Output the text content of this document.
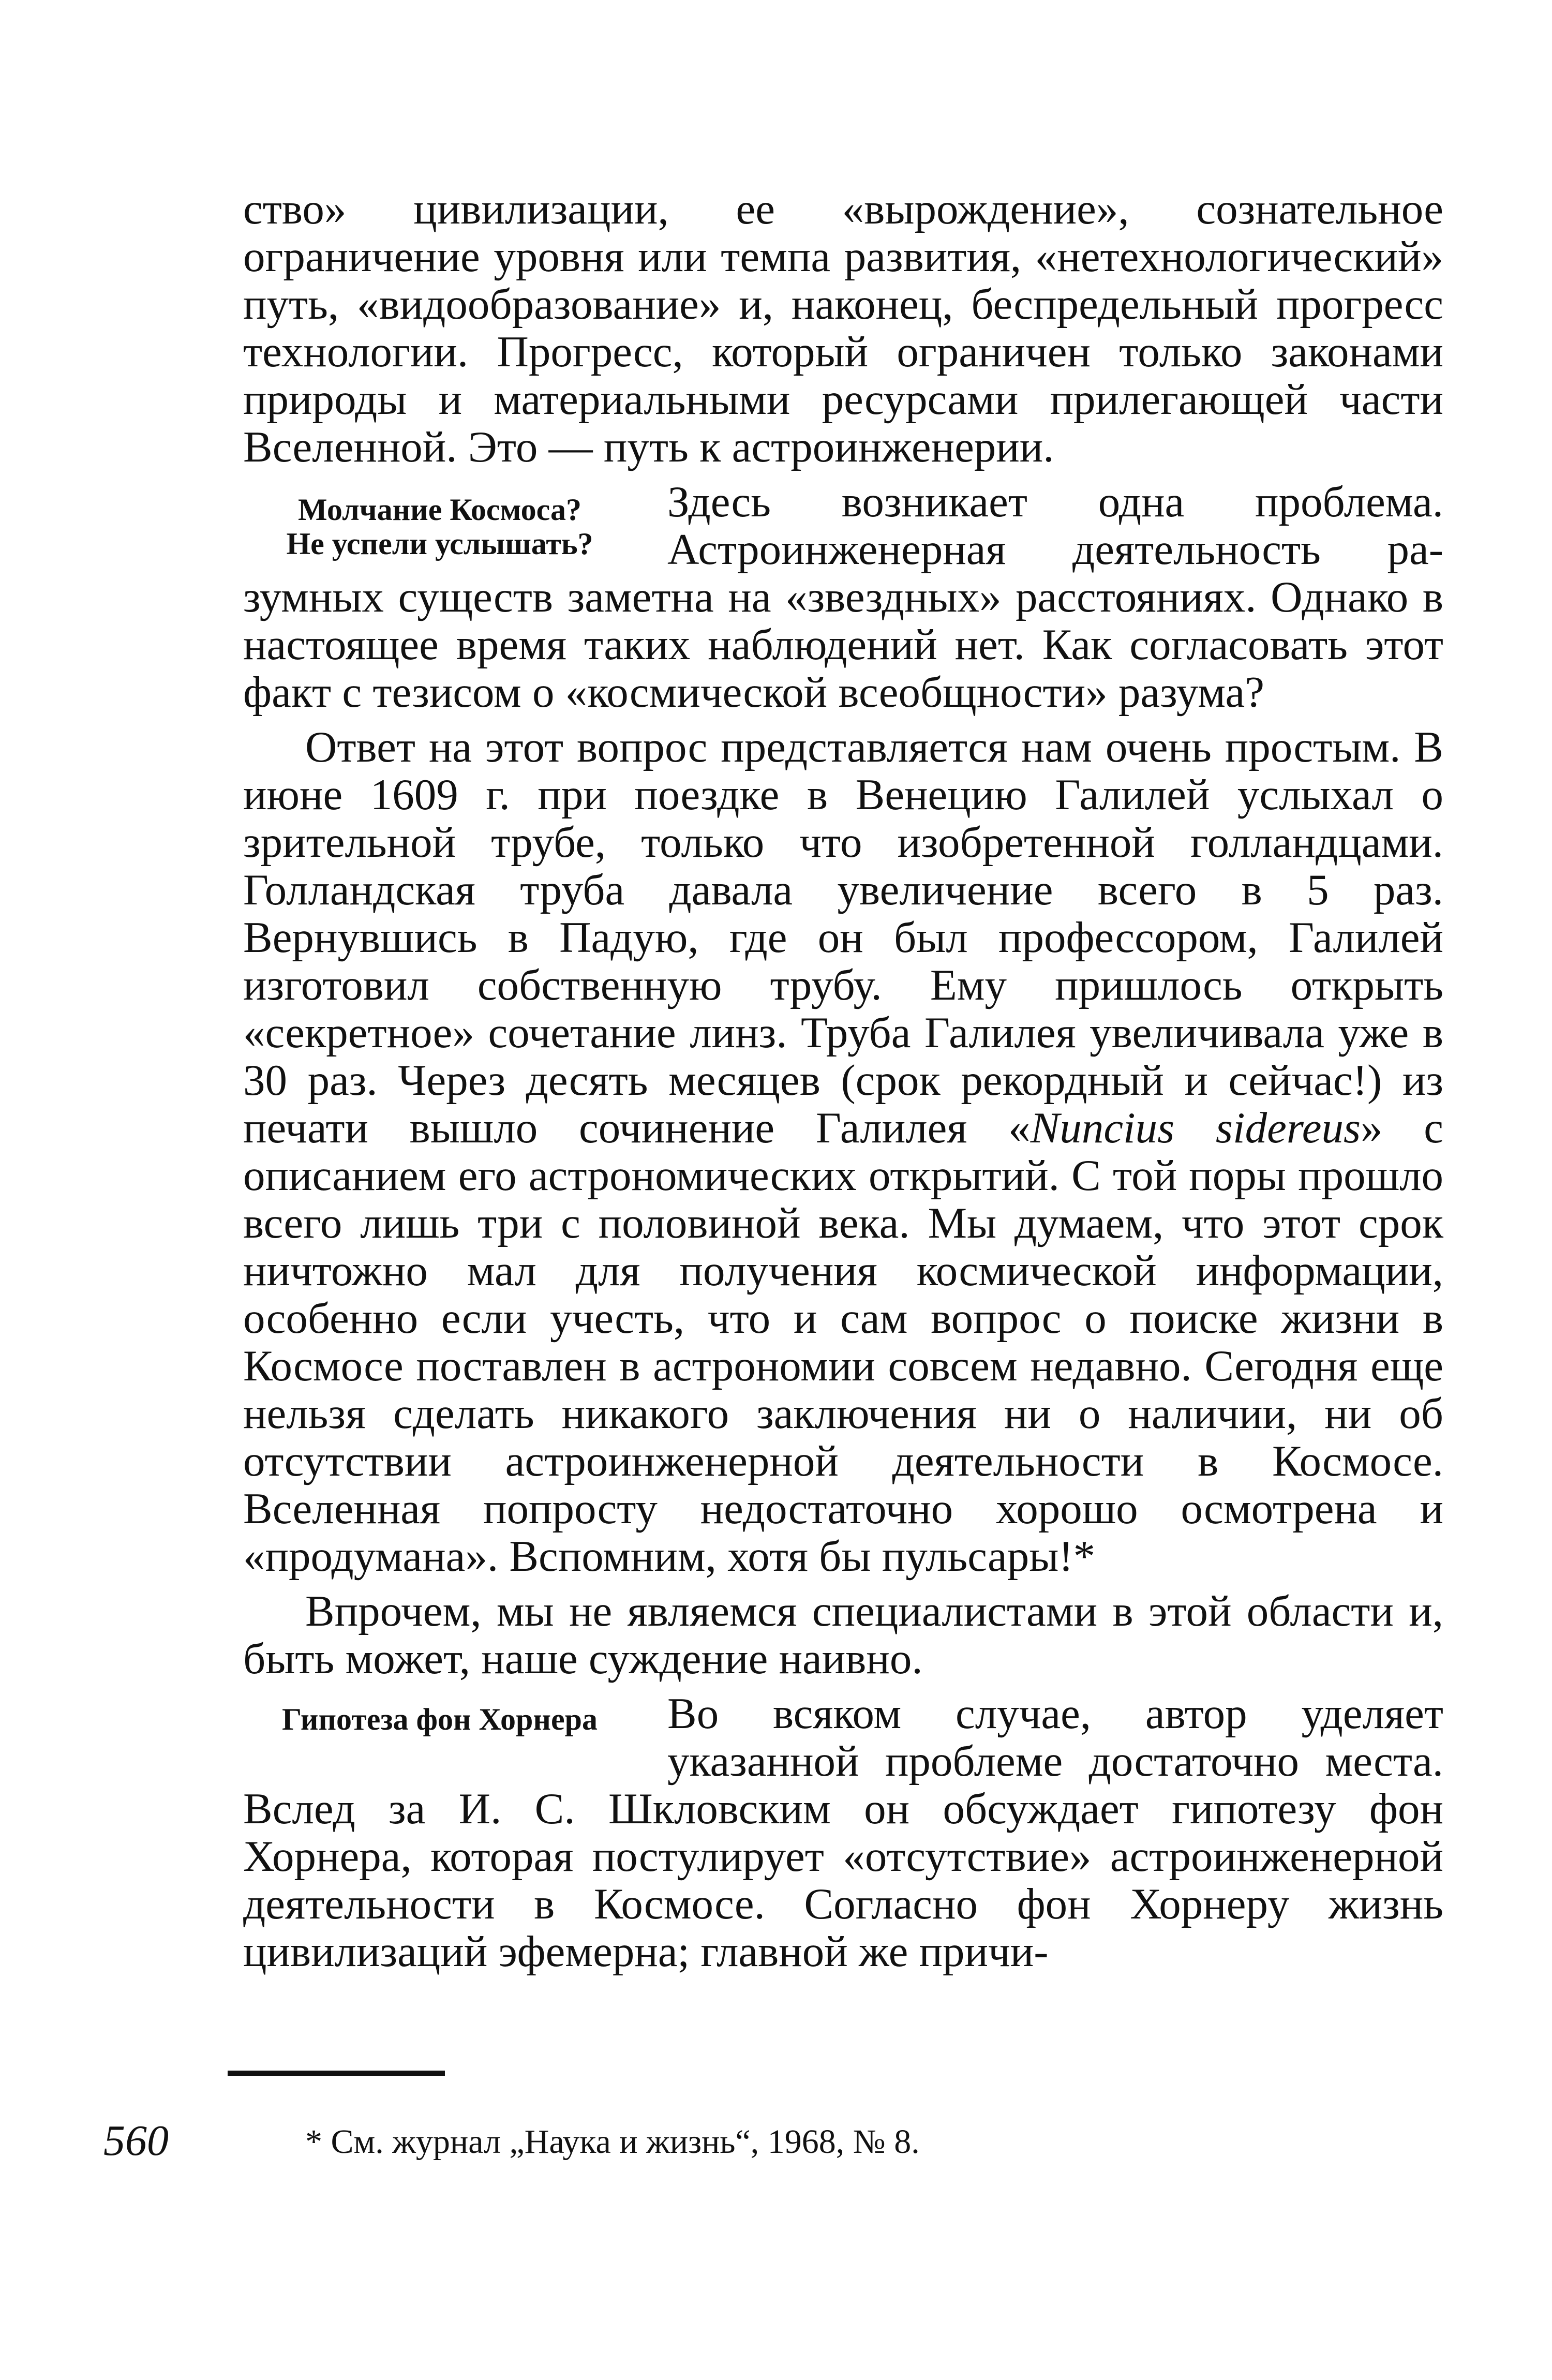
ство» цивилизации, ее «вырождение», сознательное ограничение уровня или темпа развития, «нетехнологический» путь, «видообразование» и, наконец, беспредельный прогресс технологии. Прогресс, который ограничен только законами природы и материальными ресурсами прилегающей части Вселенной. Это — путь к астроинженерии.

Молчание Космоса?
Не успели услышать?

Здесь возникает одна проблема. Астроинженерная деятельность разумных существ заметна на «звездных» расстояниях. Однако в настоящее время таких наблюдений нет. Как согласовать этот факт с тезисом о «космической всеобщности» разума?

Ответ на этот вопрос представляется нам очень простым. В июне 1609 г. при поездке в Венецию Галилей услыхал о зрительной трубе, только что изобретенной голландцами. Голландская труба давала увеличение всего в 5 раз. Вернувшись в Падую, где он был профессором, Галилей изготовил собственную трубу. Ему пришлось открыть «секретное» сочетание линз. Труба Галилея увеличивала уже в 30 раз. Через десять месяцев (срок рекордный и сейчас!) из печати вышло сочинение Галилея «Nuncius sidereus» с описанием его астрономических открытий. С той поры прошло всего лишь три с половиной века. Мы думаем, что этот срок ничтожно мал для получения космической информации, особенно если учесть, что и сам вопрос о поиске жизни в Космосе поставлен в астрономии совсем недавно. Сегодня еще нельзя сделать никакого заключения ни о наличии, ни об отсутствии астроинженерной деятельности в Космосе. Вселенная попросту недостаточно хорошо осмотрена и «продумана». Вспомним, хотя бы пульсары!*

Впрочем, мы не являемся специалистами в этой области и, быть может, наше суждение наивно.

Гипотеза фон Хорнера	Во всяком случае, автор уделяет указанной проблеме достаточно места. Вслед за И. С. Шкловским он обсуждает гипотезу фон Хорнера, которая постулирует «отсутствие» астроинженерной деятельности в Космосе. Согласно фон Хорнеру жизнь цивилизаций эфемерна; главной же причи-

560	* См. журнал „Наука и жизнь“, 1968, № 8.
